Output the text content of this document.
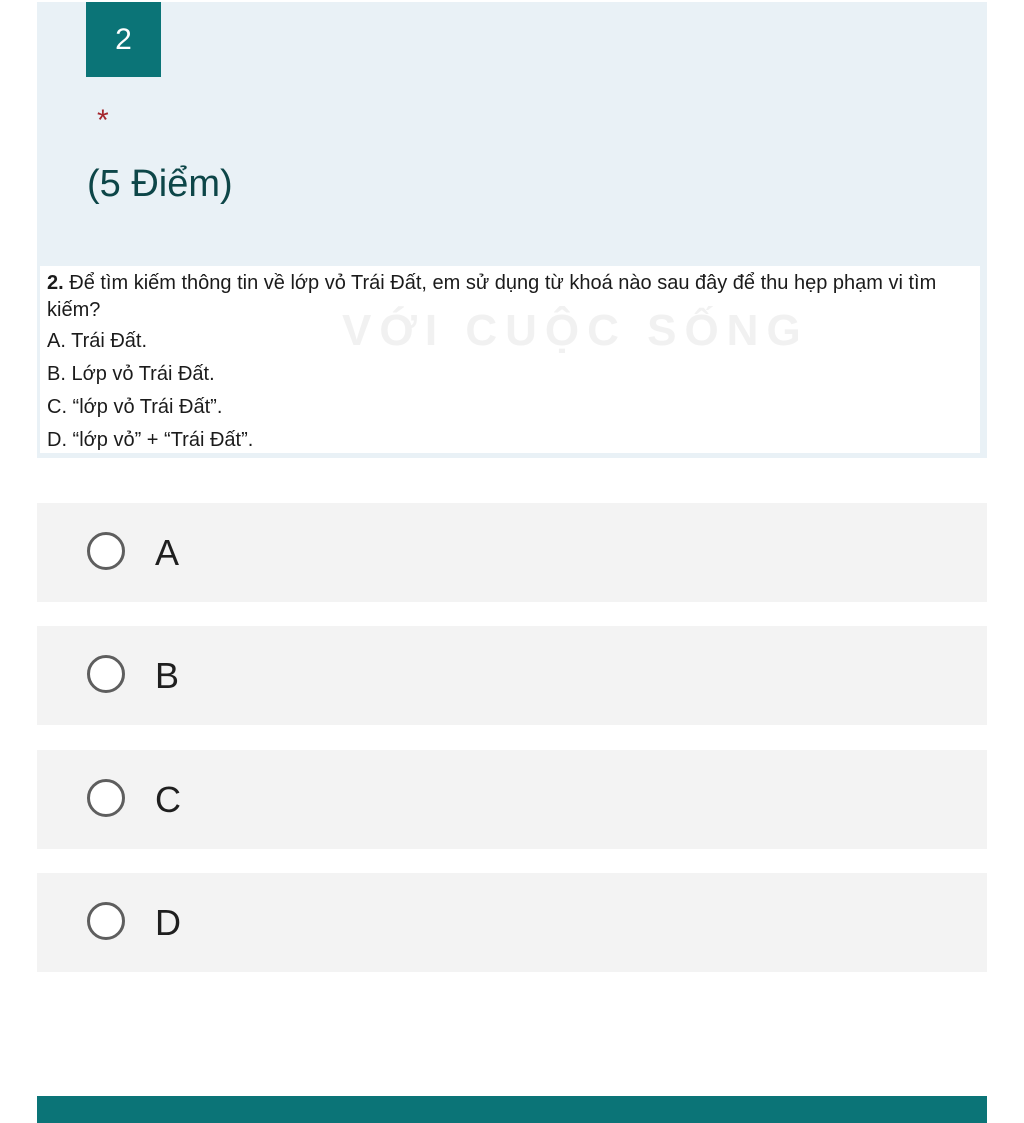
2
*
(5 Điểm)
VỚI CUỘC SỐNG
2. Để tìm kiếm thông tin về lớp vỏ Trái Đất, em sử dụng từ khoá nào sau đây để thu hẹp phạm vi tìm kiếm?
A. Trái Đất.
B. Lớp vỏ Trái Đất.
C. “lớp vỏ Trái Đất”.
D. “lớp vỏ” + “Trái Đất”.
A
B
C
D
